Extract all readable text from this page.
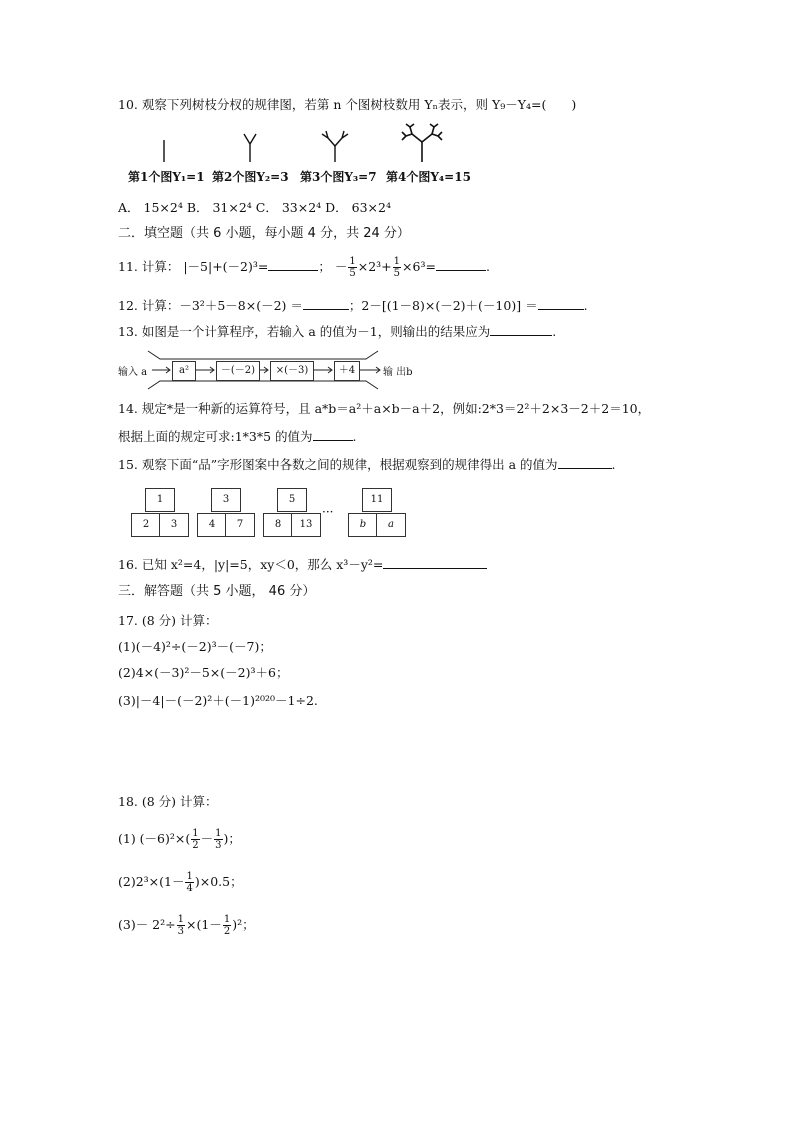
10. 观察下列树枝分杈的规律图，若第 n 个图树枝数用 Yₙ表示，则 Y₉－Y₄=(　　)
第1个图Y₁=1 第2个图Y₂=3 第3个图Y₃=7 第4个图Y₄=15
A． 15×2⁴ B． 31×2⁴ C． 33×2⁴ D． 63×2⁴
二．填空题（共 6 小题，每小题 4 分，共 24 分）
11. 计算： |－5|+(－2)³=	； － $\frac{1}{5} \times 2^3+ \frac{1}{5} \times 6^3=$	.
12. 计算：－3²＋5－8×(－2) ＝	；2－[(1－8)×(－2)＋(－10)] ＝	.
13. 如图是一个计算程序，若输入 a 的值为－1，则输出的结果应为	.
输入 a	输 出b
a²	－(－2)	×(－3)	＋4
14. 规定*是一种新的运算符号，且 a*b＝a²＋a×b－a＋2，例如:2*3＝2²＋2×3－2＋2＝10，
根据上面的规定可求:1*3*5 的值为	.
15. 观察下面“品”字形图案中各数之间的规律，根据观察到的规律得出 a 的值为	.
1
2	3
3
4	7
5
8	13
···
11
b	a
16. 已知 x²=4，|y|=5，xy＜0，那么 x³－y²=
三．解答题（共 5 小题， 46 分）
17. (8 分) 计算：
(1)(－4)²÷(－2)³－(－7)；
(2)4×(－3)²－5×(－2)³＋6；
(3)|－4|－(－2)²＋(－1)²⁰²⁰－1÷2.
18. (8 分) 计算：
(1) $(-6)^2\times( \frac{1}{2} - \frac{1}{3}$ )；
$(2)2^3\times(1- \frac{1}{4} )\times 0.5$；
$(3)- 2^2\div \frac{1}{3} \times(1- \frac{1}{2} )^2$；
